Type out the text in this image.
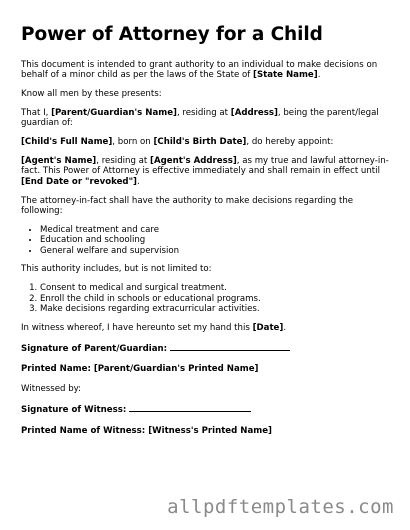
Power of Attorney for a Child

This document is intended to grant authority to an individual to make decisions on behalf of a minor child as per the laws of the State of [State Name].

Know all men by these presents:

That I, [Parent/Guardian's Name], residing at [Address], being the parent/legal guardian of:

[Child's Full Name], born on [Child's Birth Date], do hereby appoint:

[Agent's Name], residing at [Agent's Address], as my true and lawful attorney-in-fact. This Power of Attorney is effective immediately and shall remain in effect until [End Date or "revoked"].

The attorney-in-fact shall have the authority to make decisions regarding the following:

• Medical treatment and care
• Education and schooling
• General welfare and supervision

This authority includes, but is not limited to:

1. Consent to medical and surgical treatment.
2. Enroll the child in schools or educational programs.
3. Make decisions regarding extracurricular activities.

In witness whereof, I have hereunto set my hand this [Date].

Signature of Parent/Guardian:
Printed Name: [Parent/Guardian's Printed Name]

Witnessed by:

Signature of Witness:
Printed Name of Witness: [Witness's Printed Name]
allpdftemplates.com
